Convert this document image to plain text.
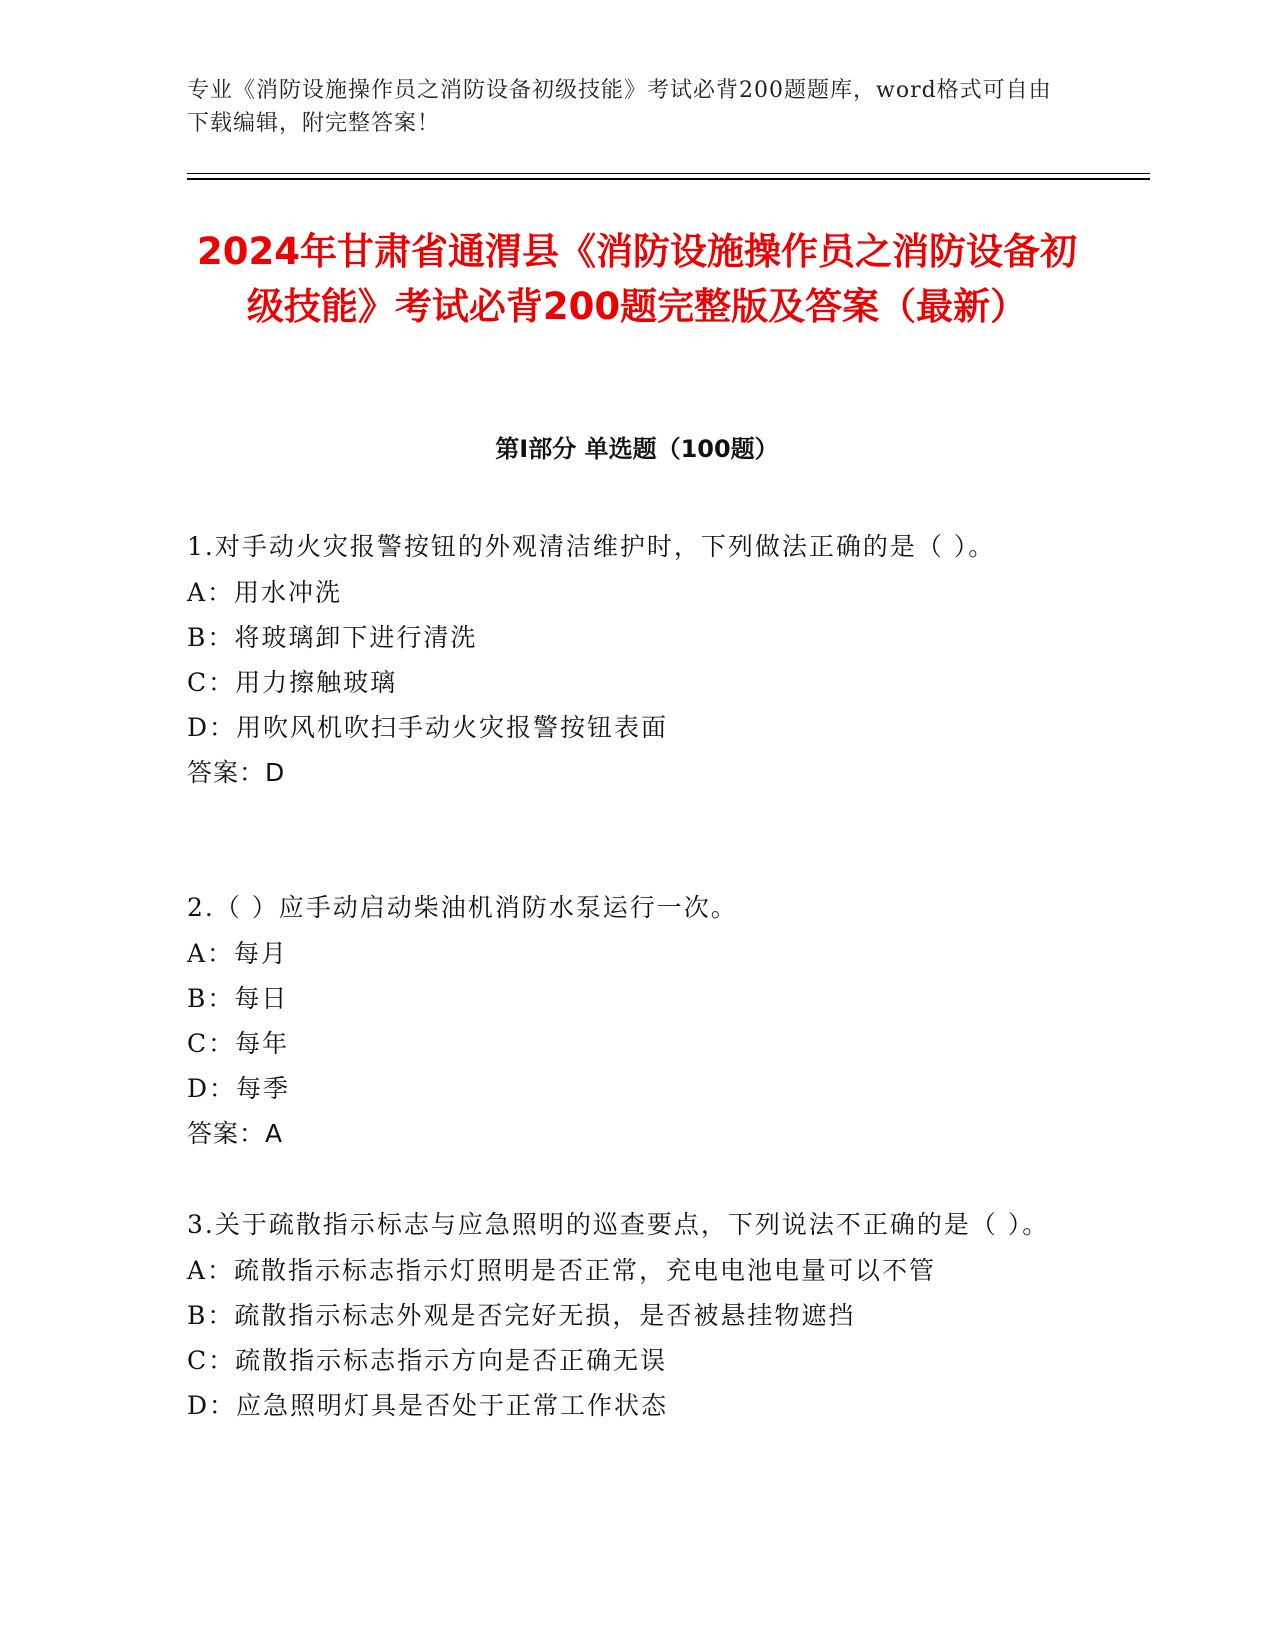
专业《消防设施操作员之消防设备初级技能》考试必背200题题库，word格式可自由下载编辑，附完整答案！
2024年甘肃省通渭县《消防设施操作员之消防设备初级技能》考试必背200题完整版及答案（最新）
第I部分 单选题（100题）
1.对手动火灾报警按钮的外观清洁维护时，下列做法正确的是（ ）。
A：用水冲洗
B：将玻璃卸下进行清洗
C：用力擦触玻璃
D：用吹风机吹扫手动火灾报警按钮表面
答案：D
2.（ ）应手动启动柴油机消防水泵运行一次。
A：每月
B：每日
C：每年
D：每季
答案：A
3.关于疏散指示标志与应急照明的巡查要点，下列说法不正确的是（ ）。
A：疏散指示标志指示灯照明是否正常，充电电池电量可以不管
B：疏散指示标志外观是否完好无损，是否被悬挂物遮挡
C：疏散指示标志指示方向是否正确无误
D：应急照明灯具是否处于正常工作状态
